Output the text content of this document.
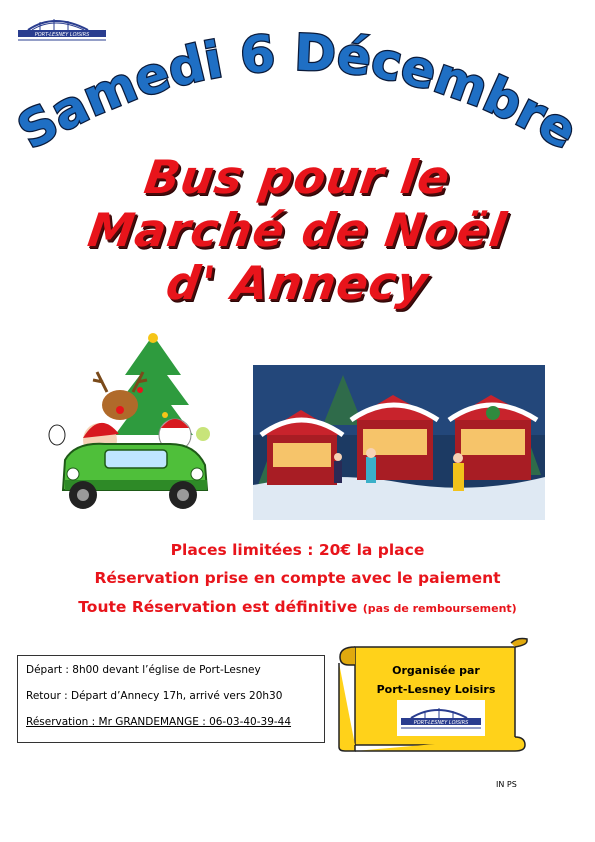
PORT-LESNEY LOISIRS
Samedi 6 Décembre
Bus pour le
Marché de Noël
d' Annecy
Places limitées : 20€ la place
Réservation prise en compte avec le paiement
Toute Réservation est définitive (pas de remboursement)
Départ : 8h00 devant l’église de Port-Lesney
Retour : Départ d’Annecy 17h, arrivé vers 20h30
Réservation : Mr GRANDEMANGE : 06-03-40-39-44
Organisée par
Port-Lesney Loisirs
PORT-LESNEY LOISIRS
IN PS
